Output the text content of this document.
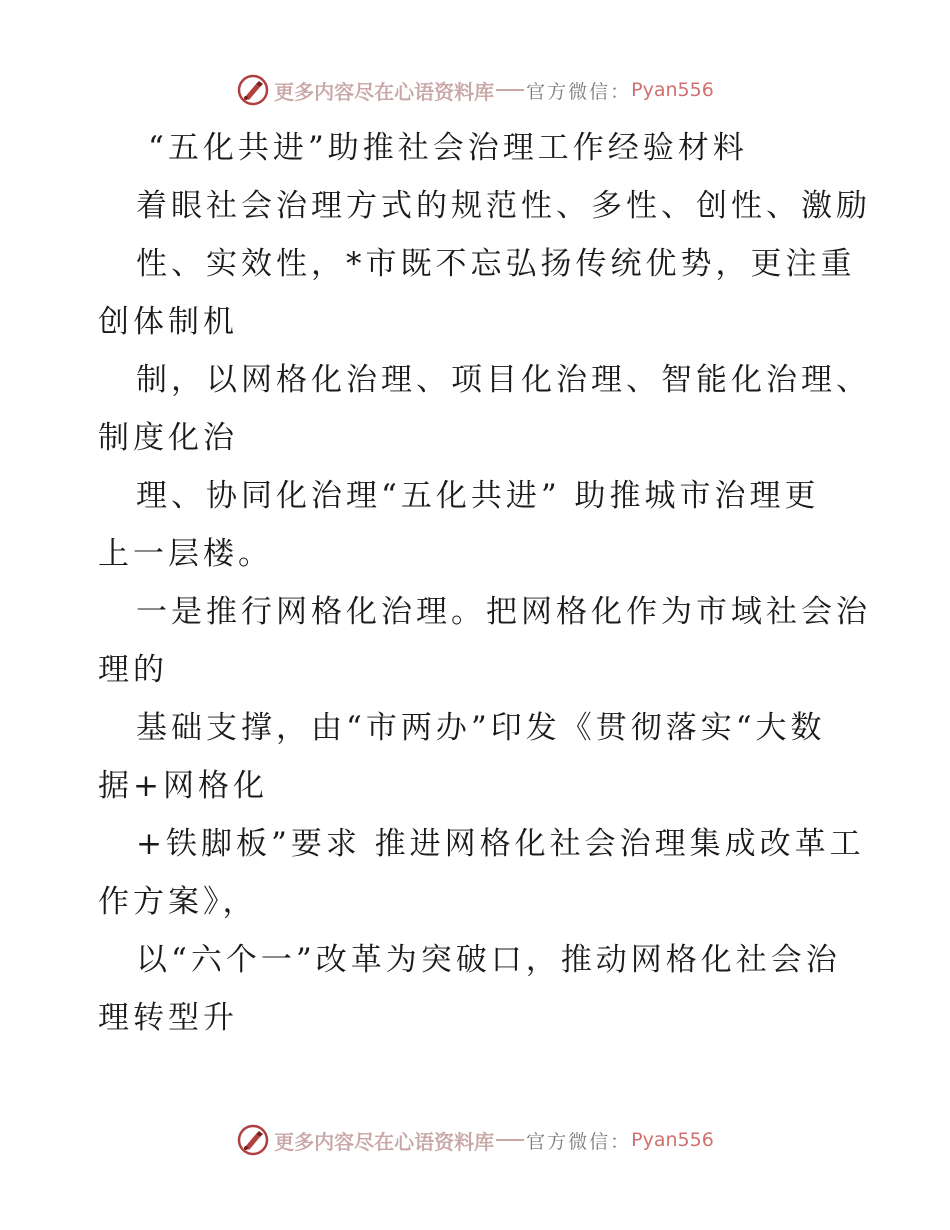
更多内容尽在心语资料库 官方微信： Pyan556
“五化共进”助推社会治理工作经验材料
着眼社会治理方式的规范性、多性、创性、激励
性、实效性，*市既不忘弘扬传统优势，更注重
创体制机
制，以网格化治理、项目化治理、智能化治理、
制度化治
理、协同化治理“五化共进” 助推城市治理更
上一层楼。
一是推行网格化治理。把网格化作为市域社会治
理的
基础支撑，由“市两办”印发《贯彻落实“大数
据+网格化
+铁脚板”要求 推进网格化社会治理集成改革工
作方案》，
以“六个一”改革为突破口，推动网格化社会治
理转型升
更多内容尽在心语资料库 官方微信： Pyan556
